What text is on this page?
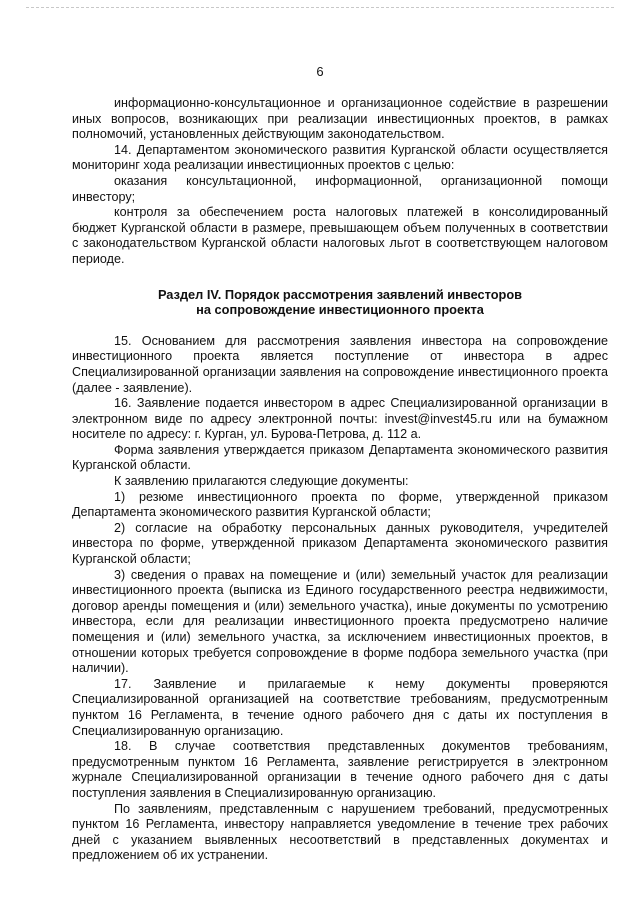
6

информационно-консультационное и организационное содействие в разрешении иных вопросов, возникающих при реализации инвестиционных проектов, в рамках полномочий, установленных действующим законодательством.

14. Департаментом экономического развития Курганской области осуществляется мониторинг хода реализации инвестиционных проектов с целью:

оказания консультационной, информационной, организационной помощи инвестору;

контроля за обеспечением роста налоговых платежей в консолидированный бюджет Курганской области в размере, превышающем объем полученных в соответствии с законодательством Курганской области налоговых льгот в соответствующем налоговом периоде.

Раздел IV. Порядок рассмотрения заявлений инвесторов
на сопровождение инвестиционного проекта

15. Основанием для рассмотрения заявления инвестора на сопровождение инвестиционного проекта является поступление от инвестора в адрес Специализированной организации заявления на сопровождение инвестиционного проекта (далее - заявление).

16. Заявление подается инвестором в адрес Специализированной организации в электронном виде по адресу электронной почты: invest@invest45.ru или на бумажном носителе по адресу: г. Курган, ул. Бурова-Петрова, д. 112 а.

Форма заявления утверждается приказом Департамента экономического развития Курганской области.

К заявлению прилагаются следующие документы:

1) резюме инвестиционного проекта по форме, утвержденной приказом Департамента экономического развития Курганской области;

2) согласие на обработку персональных данных руководителя, учредителей инвестора по форме, утвержденной приказом Департамента экономического развития Курганской области;

3) сведения о правах на помещение и (или) земельный участок для реализации инвестиционного проекта (выписка из Единого государственного реестра недвижимости, договор аренды помещения и (или) земельного участка), иные документы по усмотрению инвестора, если для реализации инвестиционного проекта предусмотрено наличие помещения и (или) земельного участка, за исключением инвестиционных проектов, в отношении которых требуется сопровождение в форме подбора земельного участка (при наличии).

17. Заявление и прилагаемые к нему документы проверяются Специализированной организацией на соответствие требованиям, предусмотренным пунктом 16 Регламента, в течение одного рабочего дня с даты их поступления в Специализированную организацию.

18. В случае соответствия представленных документов требованиям, предусмотренным пунктом 16 Регламента, заявление регистрируется в электронном журнале Специализированной организации в течение одного рабочего дня с даты поступления заявления в Специализированную организацию.

По заявлениям, представленным с нарушением требований, предусмотренных пунктом 16 Регламента, инвестору направляется уведомление в течение трех рабочих дней с указанием выявленных несоответствий в представленных документах и предложением об их устранении.
